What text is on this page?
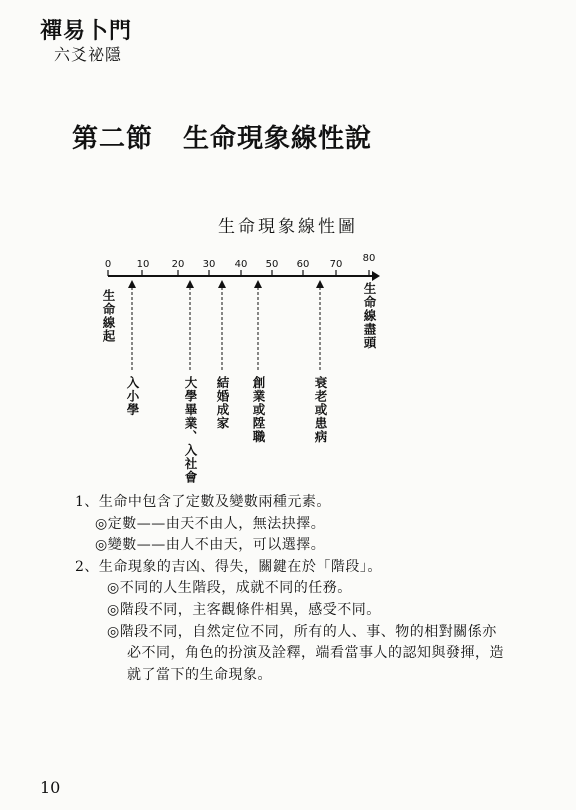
禪易卜門
六爻祕隱
第二節 生命現象線性說
生命現象線性圖
0	10 20 30 40 50 60 70
80
生命線起	生命線盡頭
入小學	大學畢業、入社會 結婚成家 創業或陞職	衰老或患病

1、生命中包含了定數及變數兩種元素。

◎定數——由天不由人，無法抉擇。

◎變數——由人不由天，可以選擇。

2、生命現象的吉凶、得失，關鍵在於「階段」。

◎不同的人生階段，成就不同的任務。

◎階段不同，主客觀條件相異，感受不同。

◎階段不同，自然定位不同，所有的人、事、物的相對關係亦

必不同，角色的扮演及詮釋，端看當事人的認知與發揮，造

就了當下的生命現象。

10
